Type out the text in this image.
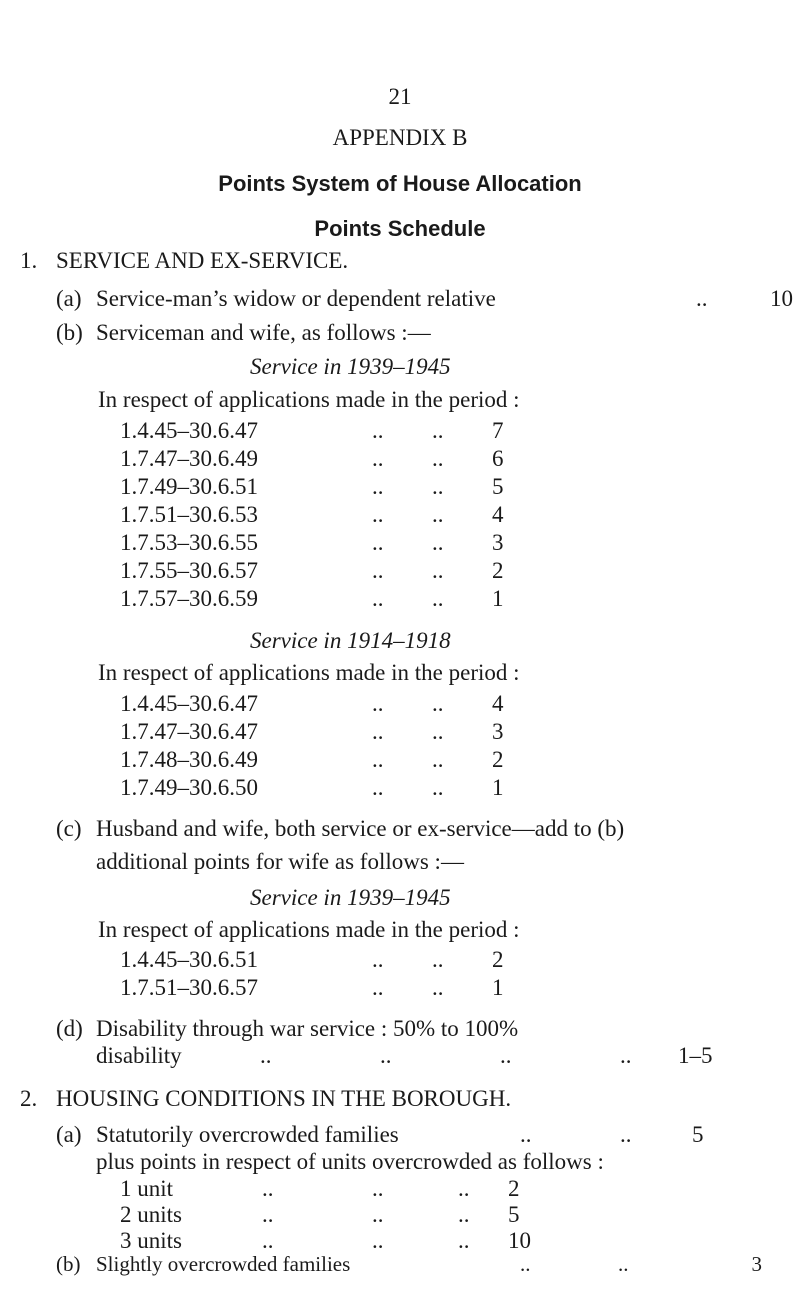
21
APPENDIX B
Points System of House Allocation
Points Schedule
1. SERVICE AND EX-SERVICE.
(a) Service-man’s widow or dependent relative	..	10
(b) Serviceman and wife, as follows :—
Service in 1939–1945
In respect of applications made in the period :
1.4.45–30.6.47	.. .. 7
1.7.47–30.6.49	.. .. 6
1.7.49–30.6.51	.. .. 5
1.7.51–30.6.53	.. .. 4
1.7.53–30.6.55	.. .. 3
1.7.55–30.6.57	.. .. 2
1.7.57–30.6.59	.. .. 1
Service in 1914–1918
In respect of applications made in the period :
1.4.45–30.6.47	.. .. 4
1.7.47–30.6.47	.. .. 3
1.7.48–30.6.49	.. .. 2
1.7.49–30.6.50	.. .. 1
(c) Husband and wife, both service or ex-service—add to (b)
additional points for wife as follows :—
Service in 1939–1945
In respect of applications made in the period :
1.4.45–30.6.51	.. .. 2
1.7.51–30.6.57	.. .. 1
(d) Disability through war service : 50% to 100%
disability	..	..	..	.. 1–5
2. HOUSING CONDITIONS IN THE BOROUGH.
(a) Statutorily overcrowded families	..	..	5
plus points in respect of units overcrowded as follows :
1 unit	..	..	.. 2
2 units	..	..	.. 5
3 units	..	..	.. 10
(b) Slightly overcrowded families	..	..	3
